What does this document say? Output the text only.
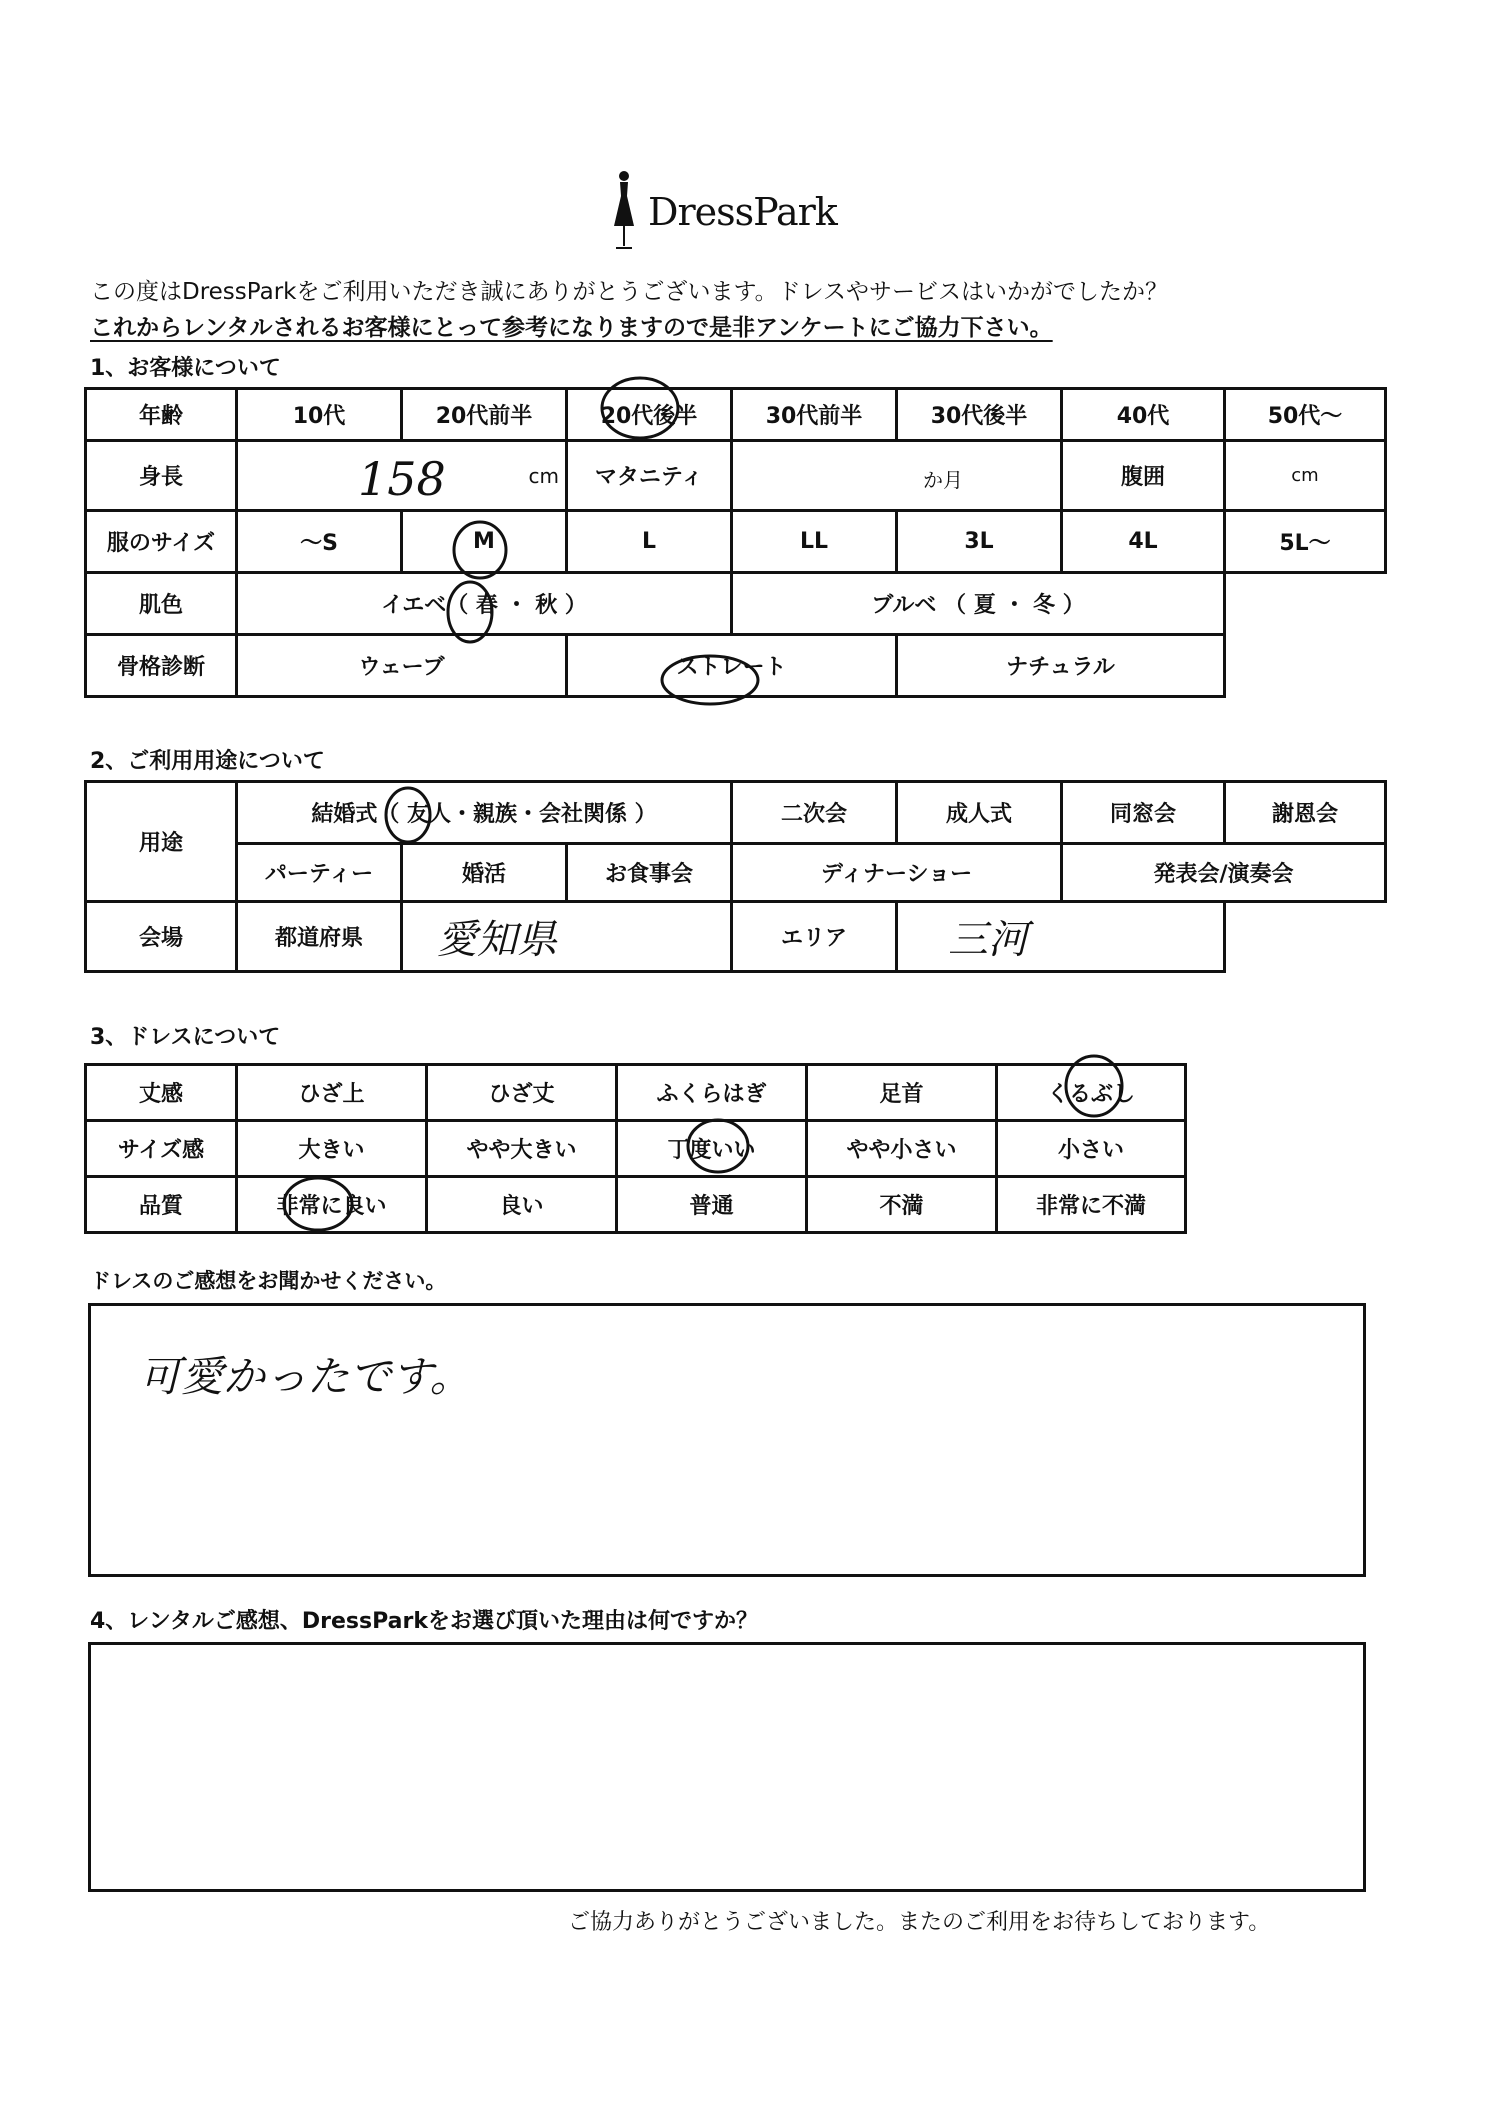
DressPark
この度はDressParkをご利用いただき誠にありがとうございます。ドレスやサービスはいかがでしたか？
これからレンタルされるお客様にとって参考になりますので是非アンケートにご協力下さい。
1、お客様について
年齢	10代	20代前半	20代後半	30代前半	30代後半	40代	50代〜
身長	158 cm		マタニティ	か月		腹囲	cm
服のサイズ	〜S	M	L	LL	3L	4L	5L〜
肌色	イエベ（ 春 ・ 秋 ）			ブルベ （ 夏 ・ 冬 ）			
骨格診断	ウェーブ		ストレート		ナチュラル		
2、ご利用用途について
用途	結婚式（ 友人・親族・会社関係 ）			二次会	成人式	同窓会	謝恩会
	パーティー	婚活	お食事会	ディナーショー		発表会/演奏会	
会場	都道府県	愛知県		エリア	三河		
3、ドレスについて
丈感	ひざ上	ひざ丈	ふくらはぎ	足首	くるぶし
サイズ感	大きい	やや大きい	丁度いい	やや小さい	小さい
品質	非常に良い	良い	普通	不満	非常に不満
ドレスのご感想をお聞かせください。
可愛かったです。
4、レンタルご感想、DressParkをお選び頂いた理由は何ですか？
ご協力ありがとうございました。またのご利用をお待ちしております。
